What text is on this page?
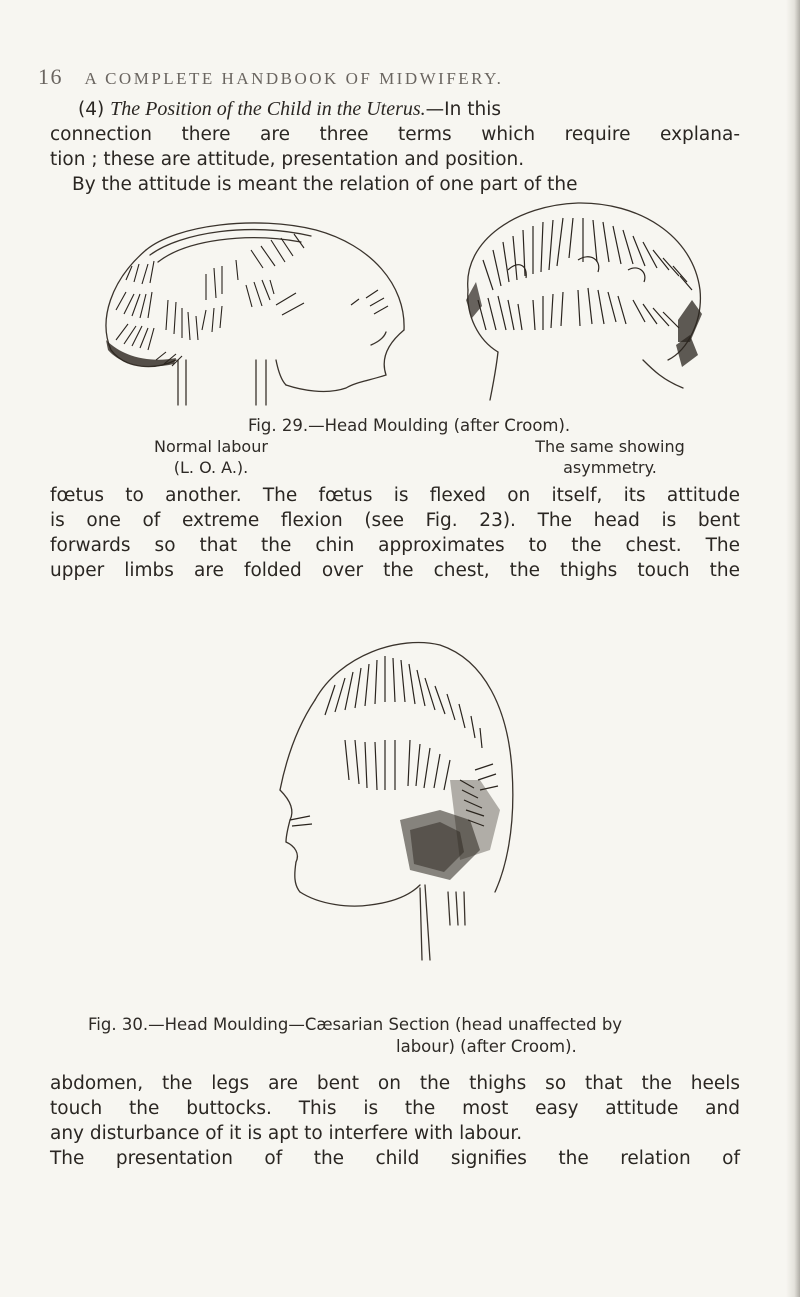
16 A COMPLETE HANDBOOK OF MIDWIFERY.

(4) The Position of the Child in the Uterus.—In this
connection there are three terms which require explana-
tion ; these are attitude, presentation and position.
By the attitude is meant the relation of one part of the

Fig. 29.—Head Moulding (after Croom).
Normal labour
(L. O. A.).
The same showing
asymmetry.

fœtus to another. The fœtus is flexed on itself, its attitude
is one of extreme flexion (see Fig. 23). The head is bent
forwards so that the chin approximates to the chest. The
upper limbs are folded over the chest, the thighs touch the

Fig. 30.—Head Moulding—Cæsarian Section (head unaffected by
labour) (after Croom).

abdomen, the legs are bent on the thighs so that the heels
touch the buttocks. This is the most easy attitude and
any disturbance of it is apt to interfere with labour.
The presentation of the child signifies the relation of
